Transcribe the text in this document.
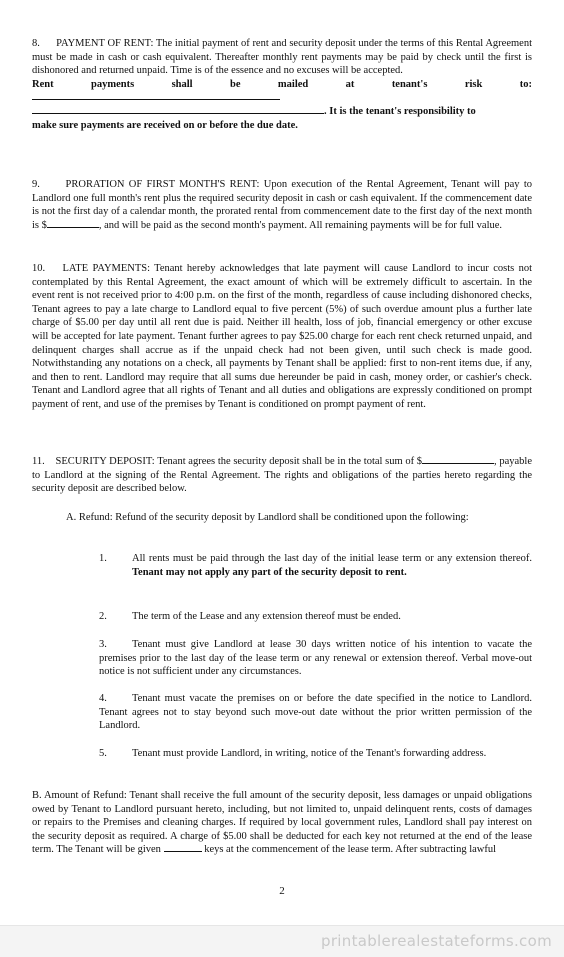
8.      PAYMENT OF RENT: The initial payment of rent and security deposit under the terms of this Rental Agreement must be made in cash or cash equivalent. Thereafter monthly rent payments may be paid by check until the first is dishonored and returned unpaid. Time is of the essence and no excuses will be accepted.

Rent	payments	shall	be	mailed	at	tenant's	risk	to:
. It is the tenant's responsibility to

make sure payments are received on or before the due date.

9.      PRORATION OF FIRST MONTH'S RENT: Upon execution of the Rental Agreement, Tenant will pay to Landlord one full month's rent plus the required security deposit in cash or cash equivalent. If the commencement date is not the first day of a calendar month, the prorated rental from commencement date to the first day of the next month is $	, and will be paid as the second month's payment. All remaining payments will be for full value.

10.    LATE PAYMENTS: Tenant hereby acknowledges that late payment will cause Landlord to incur costs not contemplated by this Rental Agreement, the exact amount of which will be extremely difficult to ascertain. In the event rent is not received prior to 4:00 p.m. on the first of the month, regardless of cause including dishonored checks, Tenant agrees to pay a late charge to Landlord equal to five percent (5%) of such overdue amount plus a further late charge of $5.00 per day until all rent due is paid. Neither ill health, loss of job, financial emergency or other excuse will be accepted for late payment. Tenant further agrees to pay $25.00 charge for each rent check returned unpaid, and delinquent charges shall accrue as if the unpaid check had not been given, until such check is made good. Notwithstanding any notations on a check, all payments by Tenant shall be applied: first to non-rent items due, if any, and then to rent. Landlord may require that all sums due hereunder be paid in cash, money order, or cashier's check. Tenant and Landlord agree that all rights of Tenant and all duties and obligations are expressly conditioned on prompt payment of rent, and use of the premises by Tenant is conditioned on prompt payment of rent.

11.    SECURITY DEPOSIT: Tenant agrees the security deposit shall be in the total sum of $	, payable to Landlord at the signing of the Rental Agreement. The rights and obligations of the parties hereto regarding the security deposit are described below.

A. Refund: Refund of the security deposit by Landlord shall be conditioned upon the following:
1. All rents must be paid through the last day of the initial lease term or any extension thereof. Tenant may not apply any part of the security deposit to rent.
2. The term of the Lease and any extension thereof must be ended.
3.	Tenant must give Landlord at lease 30 days written notice of his intention to vacate the premises prior to the last day of the lease term or any renewal or extension thereof. Verbal move-out notice is not sufficient under any circumstances.
4.	Tenant must vacate the premises on or before the date specified in the notice to Landlord. Tenant agrees not to stay beyond such move-out date without the prior written permission of the Landlord.
5.	Tenant must provide Landlord, in writing, notice of the Tenant's forwarding address.

B. Amount of Refund: Tenant shall receive the full amount of the security deposit, less damages or unpaid obligations owed by Tenant to Landlord pursuant hereto, including, but not limited to, unpaid delinquent rents, costs of damages or repairs to the Premises and cleaning charges. If required by local government rules, Landlord shall pay interest on the security deposit as required. A charge of $5.00 shall be deducted for each key not returned at the end of the lease term. The Tenant will be given	keys at the commencement of the lease term. After subtracting lawful

2
printablerealestateforms.com
